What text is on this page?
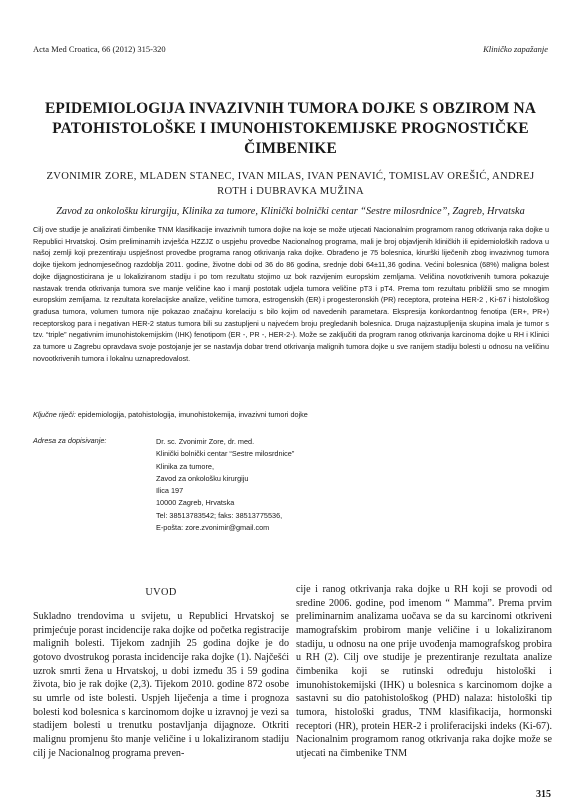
Acta Med Croatica, 66 (2012) 315-320	Kliničko zapažanje
EPIDEMIOLOGIJA INVAZIVNIH TUMORA DOJKE S OBZIROM NA PATOHISTOLOŠKE I IMUNOHISTOKEMIJSKE PROGNOSTIČKE ČIMBENIKE
ZVONIMIR ZORE, MLADEN STANEC, IVAN MILAS, IVAN PENAVIĆ, TOMISLAV OREŠIĆ, ANDREJ ROTH i DUBRAVKA MUŽINA
Zavod za onkološku kirurgiju, Klinika za tumore, Klinički bolnički centar “Sestre milosrdnice”, Zagreb, Hrvatska

Cilj ove studije je analizirati čimbenike TNM klasifikacije invazivnih tumora dojke na koje se može utjecati Nacionalnim programom ranog otkrivanja raka dojke u Republici Hrvatskoj. Osim preliminarnih izvješća HZZJZ o uspjehu provedbe Nacionalnog programa, mali je broj objavljenih kliničkih ili epidemioloških radova u našoj zemlji koji prezentiraju uspješnost provedbe programa ranog otkrivanja raka dojke. Obrađeno je 75 bolesnica, kirurški liječenih zbog invazivnog tumora dojke tijekom jednomjesečnog razdoblja 2011. godine, životne dobi od 36 do 86 godina, srednje dobi 64±11,36 godina. Većini bolesnica (68%) maligna bolest dojke dijagnosticirana je u lokaliziranom stadiju i po tom rezultatu stojimo uz bok razvijenim europskim zemljama. Veličina novotkrivenih tumora pokazuje nastavak trenda otkrivanja tumora sve manje veličine kao i manji postotak udjela tumora veličine pT3 i pT4. Prema tom rezultatu približili smo se mnogim europskim zemljama. Iz rezultata korelacijske analize, veličine tumora, estrogenskih (ER) i progesteronskih (PR) receptora, proteina HER-2 , Ki-67 i histološkog gradusa tumora, volumen tumora nije pokazao značajnu korelaciju s bilo kojim od navedenih parametara. Ekspresija konkordantnog fenotipa (ER+, PR+) receptorskog para i negativan HER-2 status tumora bili su zastupljeni u najvećem broju pregledanih bolesnica. Druga najzastupljenija skupina imala je tumor s tzv. “triple” negativnim imunohistokemijskim (IHK) fenotipom (ER -, PR -, HER-2-). Može se zaključiti da program ranog otkrivanja karcinoma dojke u RH i Klinici za tumore u Zagrebu opravdava svoje postojanje jer se nastavlja dobar trend otkrivanja malignih tumora dojke u sve ranijem stadiju bolesti u odnosu na veličinu novootkrivenih tumora i lokalnu uznapredovalost.

Ključne riječi: epidemiologija, patohistologija, imunohistokemija, invazivni tumori dojke
Adresa za dopisivanje:	Dr. sc. Zvonimir Zore, dr. med.
Klinički bolnički centar “Sestre milosrdnice”
Klinika za tumore,
Zavod za onkološku kirurgiju
Ilica 197
10000 Zagreb, Hrvatska
Tel: 38513783542; faks: 38513775536,
E-pošta: zore.zvonimir@gmail.com
UVOD

Sukladno trendovima u svijetu, u Republici Hrvatskoj se primjećuje porast incidencije raka dojke od početka registracije malignih bolesti. Tijekom zadnjih 25 godina dojke je do gotovo dvostrukog porasta incidencije raka dojke (1). Najčešći uzrok smrti žena u Hrvatskoj, u dobi između 35 i 59 godina života, bio je rak dojke (2,3). Tijekom 2010. godine 872 osobe su umrle od iste bolesti. Uspjeh liječenja a time i prognoza bolesti kod bolesnica s karcinomom dojke u izravnoj je vezi sa stadijem bolesti u trenutku postavljanja dijagnoze. Otkriti malignu promjenu što manje veličine i u lokaliziranom stadiju cilj je Nacionalnog programa preven-

cije i ranog otkrivanja raka dojke u RH koji se provodi od sredine 2006. godine, pod imenom “ Mamma”. Prema prvim preliminarnim analizama uočava se da su karcinomi otkriveni mamografskim probirom manje veličine i u lokaliziranom stadiju, u odnosu na one prije uvođenja mamografskog probira u RH (2). Cilj ove studije je prezentiranje rezultata analize čimbenika koji se rutinski određuju histološki i imunohistokemijski (IHK) u bolesnica s karcinomom dojke a sastavni su dio patohistološkog (PHD) nalaza: histološki tip tumora, histološki gradus, TNM klasifikacija, hormonski receptori (HR), protein HER-2 i proliferacijski indeks (Ki-67). Nacionalnim programom ranog otkrivanja raka dojke može se utjecati na čimbenike TNM

315
